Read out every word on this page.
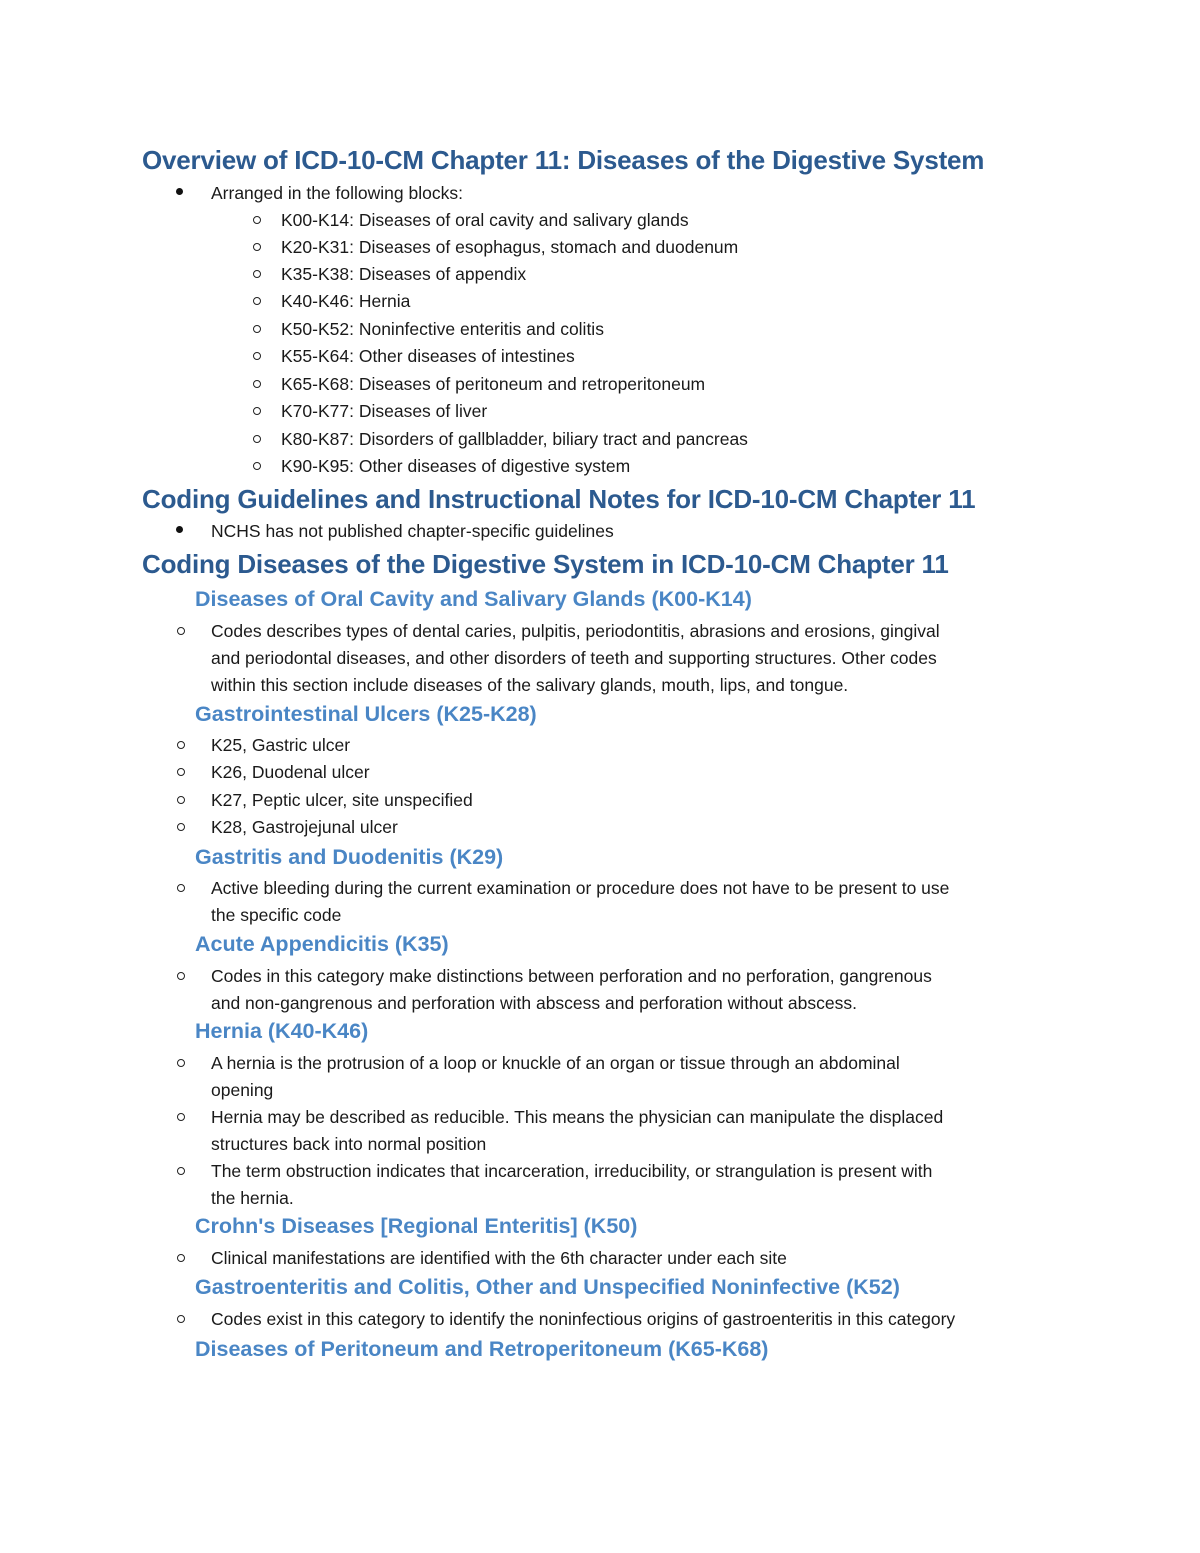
Overview of ICD-10-CM Chapter 11: Diseases of the Digestive System
Arranged in the following blocks:
K00-K14: Diseases of oral cavity and salivary glands
K20-K31: Diseases of esophagus, stomach and duodenum
K35-K38: Diseases of appendix
K40-K46: Hernia
K50-K52: Noninfective enteritis and colitis
K55-K64: Other diseases of intestines
K65-K68: Diseases of peritoneum and retroperitoneum
K70-K77: Diseases of liver
K80-K87: Disorders of gallbladder, biliary tract and pancreas
K90-K95: Other diseases of digestive system
Coding Guidelines and Instructional Notes for ICD-10-CM Chapter 11
NCHS has not published chapter-specific guidelines
Coding Diseases of the Digestive System in ICD-10-CM Chapter 11
Diseases of Oral Cavity and Salivary Glands (K00-K14)
Codes describes types of dental caries, pulpitis, periodontitis, abrasions and erosions, gingival
and periodontal diseases, and other disorders of teeth and supporting structures. Other codes
within this section include diseases of the salivary glands, mouth, lips, and tongue.
Gastrointestinal Ulcers (K25-K28)
K25, Gastric ulcer
K26, Duodenal ulcer
K27, Peptic ulcer, site unspecified
K28, Gastrojejunal ulcer
Gastritis and Duodenitis (K29)
Active bleeding during the current examination or procedure does not have to be present to use
the specific code
Acute Appendicitis (K35)
Codes in this category make distinctions between perforation and no perforation, gangrenous
and non-gangrenous and perforation with abscess and perforation without abscess.
Hernia (K40-K46)
A hernia is the protrusion of a loop or knuckle of an organ or tissue through an abdominal
opening
Hernia may be described as reducible. This means the physician can manipulate the displaced
structures back into normal position
The term obstruction indicates that incarceration, irreducibility, or strangulation is present with
the hernia.
Crohn's Diseases [Regional Enteritis] (K50)
Clinical manifestations are identified with the 6th character under each site
Gastroenteritis and Colitis, Other and Unspecified Noninfective (K52)
Codes exist in this category to identify the noninfectious origins of gastroenteritis in this category
Diseases of Peritoneum and Retroperitoneum (K65-K68)
